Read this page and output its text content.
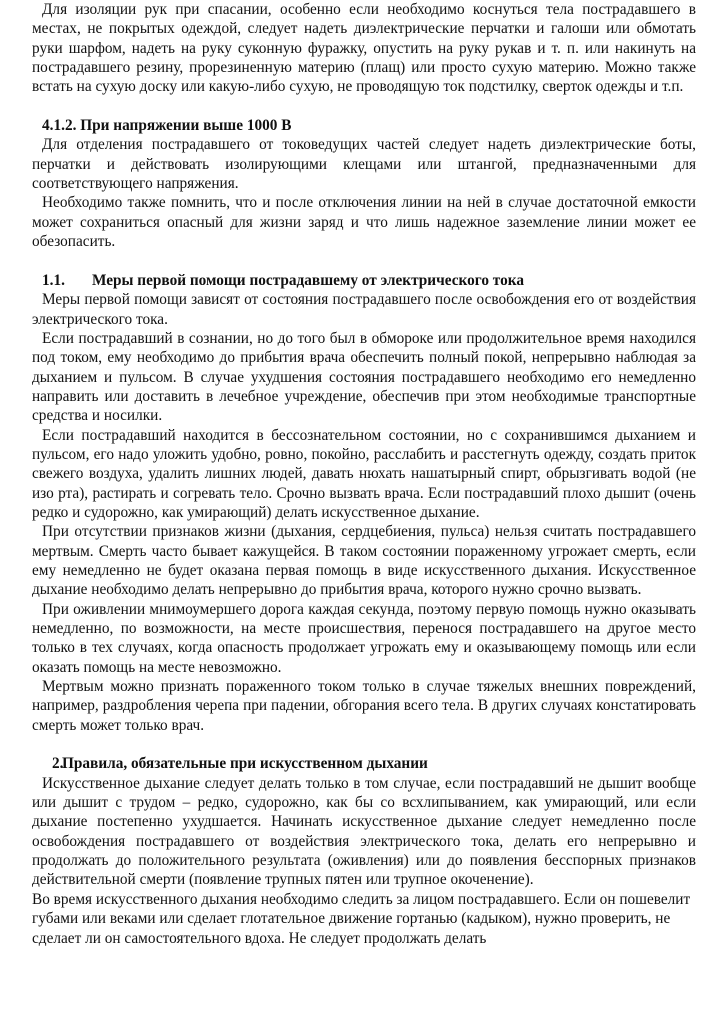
Для изоляции рук при спасании, особенно если необходимо коснуться тела пострадавшего в местах, не покрытых одеждой, следует надеть диэлектрические перчатки и галоши или обмотать руки шарфом, надеть на руку суконную фуражку, опустить на руку рукав и т. п. или накинуть на пострадавшего резину, прорезиненную материю (плащ) или просто сухую материю. Можно также встать на сухую доску или какую-либо сухую, не проводящую ток подстилку, сверток одежды и т.п.

4.1.2. При напряжении выше 1000 В

Для отделения пострадавшего от токоведущих частей следует надеть диэлектрические боты, перчатки и действовать изолирующими клещами или штангой, предназначенными для соответствующего напряжения.

Необходимо также помнить, что и после отключения линии на ней в случае достаточной емкости может сохраниться опасный для жизни заряд и что лишь надежное заземление линии может ее обезопасить.

1.1. Меры первой помощи пострадавшему от электрического тока

Меры первой помощи зависят от состояния пострадавшего после освобождения его от воздействия электрического тока.

Если пострадавший в сознании, но до того был в обмороке или продолжительное время находился под током, ему необходимо до прибытия врача обеспечить полный покой, непрерывно наблюдая за дыханием и пульсом. В случае ухудшения состояния пострадавшего необходимо его немедленно направить или доставить в лечебное учреждение, обеспечив при этом необходимые транспортные средства и носилки.

Если пострадавший находится в бессознательном состоянии, но с сохранившимся дыханием и пульсом, его надо уложить удобно, ровно, покойно, расслабить и расстегнуть одежду, создать приток свежего воздуха, удалить лишних людей, давать нюхать нашатырный спирт, обрызгивать водой (не изо рта), растирать и согревать тело. Срочно вызвать врача. Если пострадавший плохо дышит (очень редко и судорожно, как умирающий) делать искусственное дыхание.

При отсутствии признаков жизни (дыхания, сердцебиения, пульса) нельзя считать пострадавшего мертвым. Смерть часто бывает кажущейся. В таком состоянии пораженному угрожает смерть, если ему немедленно не будет оказана первая помощь в виде искусственного дыхания. Искусственное дыхание необходимо делать непрерывно до прибытия врача, которого нужно срочно вызвать.

При оживлении мнимоумершего дорога каждая секунда, поэтому первую помощь нужно оказывать немедленно, по возможности, на месте происшествия, перенося пострадавшего на другое место только в тех случаях, когда опасность продолжает угрожать ему и оказывающему помощь или если оказать помощь на месте невозможно.

Мертвым можно признать пораженного током только в случае тяжелых внешних повреждений, например, раздробления черепа при падении, обгорания всего тела. В других случаях констатировать смерть может только врач.

2.Правила, обязательные при искусственном дыхании

Искусственное дыхание следует делать только в том случае, если пострадавший не дышит вообще или дышит с трудом – редко, судорожно, как бы со всхлипыванием, как умирающий, или если дыхание постепенно ухудшается. Начинать искусственное дыхание следует немедленно после освобождения пострадавшего от воздействия электрического тока, делать его непрерывно и продолжать до положительного результата (оживления) или до появления бесспорных признаков действительной смерти (появление трупных пятен или трупное окоченение).

Во время искусственного дыхания необходимо следить за лицом пострадавшего. Если он пошевелит губами или веками или сделает глотательное движение гортанью (кадыком), нужно проверить, не сделает ли он самостоятельного вдоха. Не следует продолжать делать
